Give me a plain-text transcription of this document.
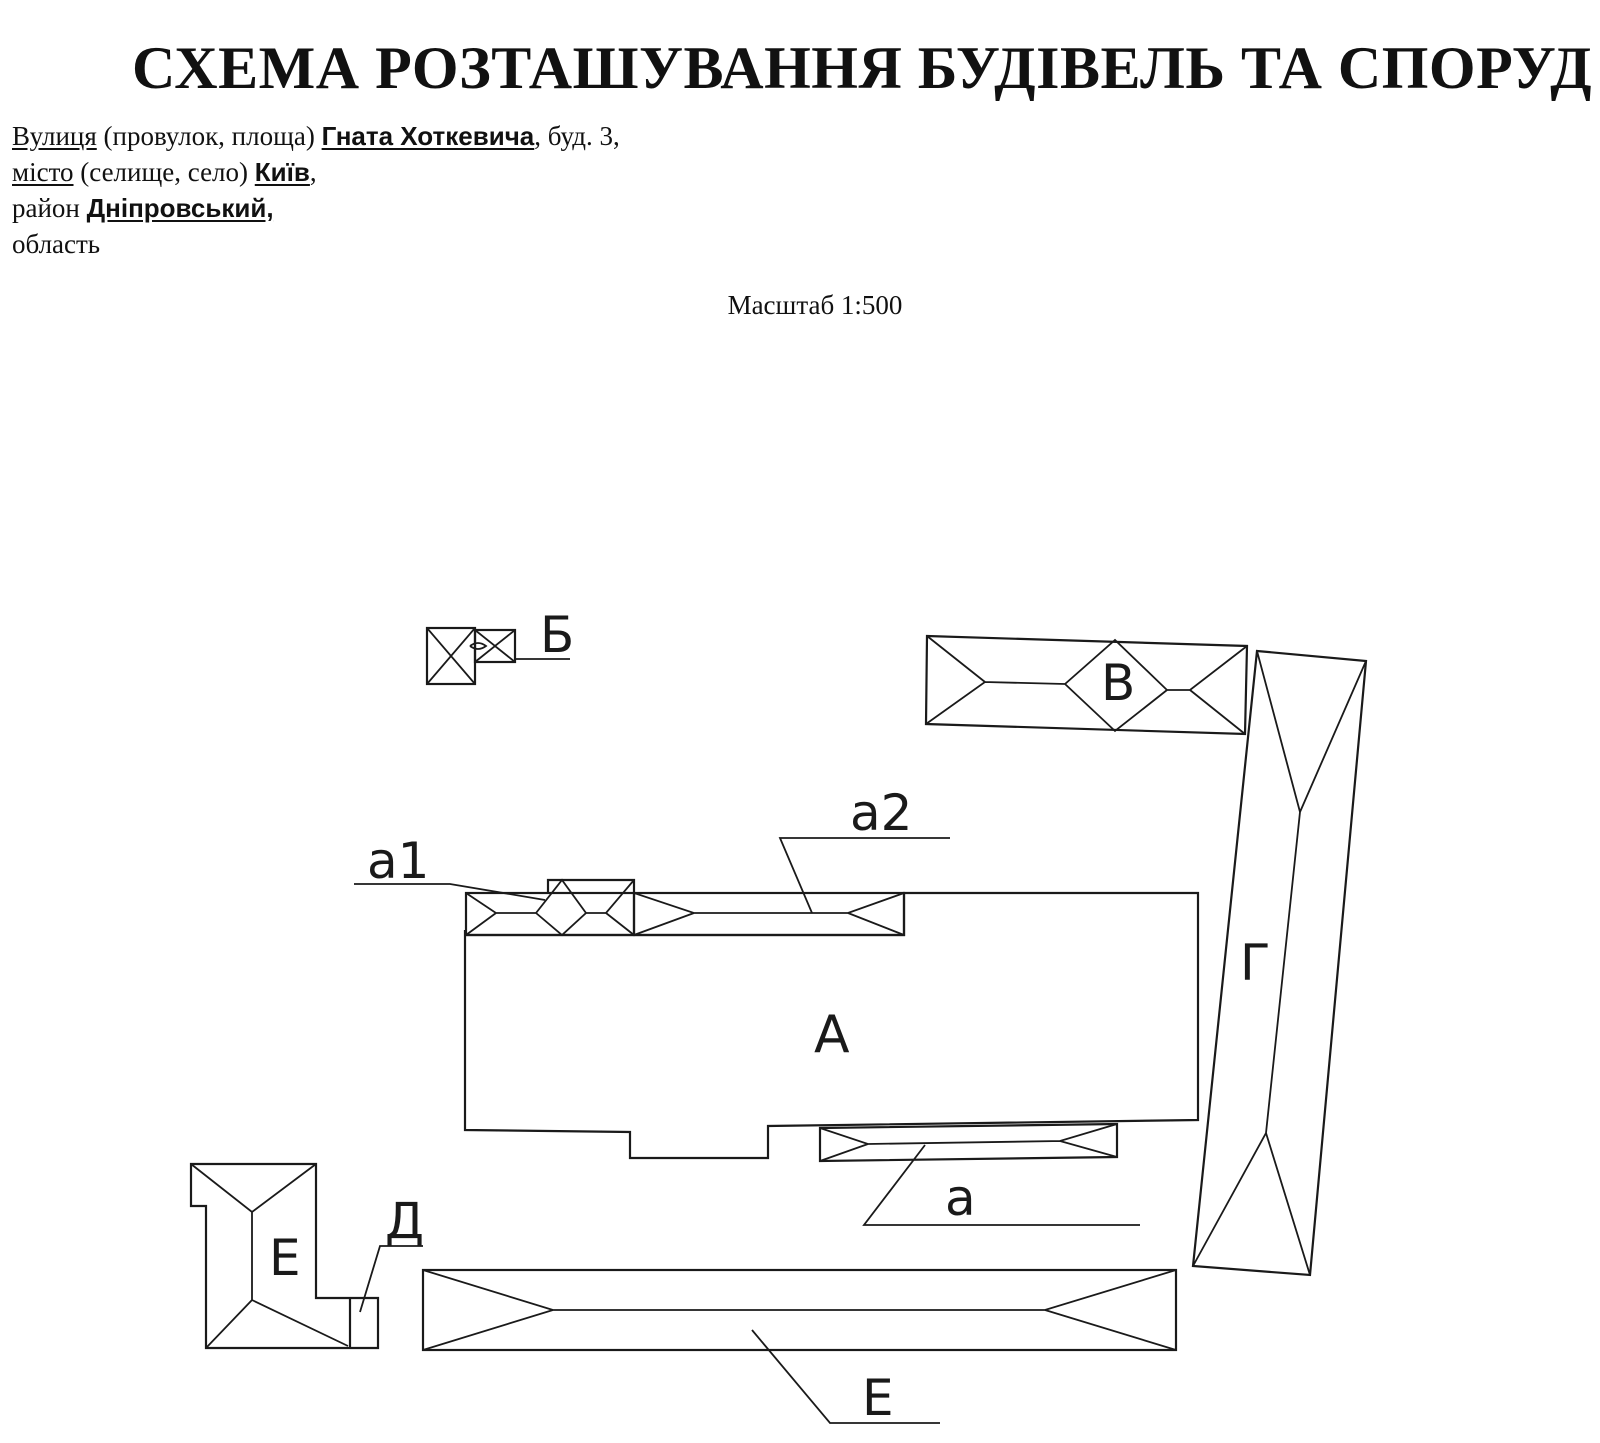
СХЕМА РОЗТАШУВАННЯ БУДІВЕЛЬ ТА СПОРУД
Вулиця (провулок, площа) Гната Хоткевича, буд. 3,
місто (селище, село) Київ,
район Дніпровський,
область
Масштаб 1:500
Б
В
Г
А
а1
а2
а
Е
Д
Е
